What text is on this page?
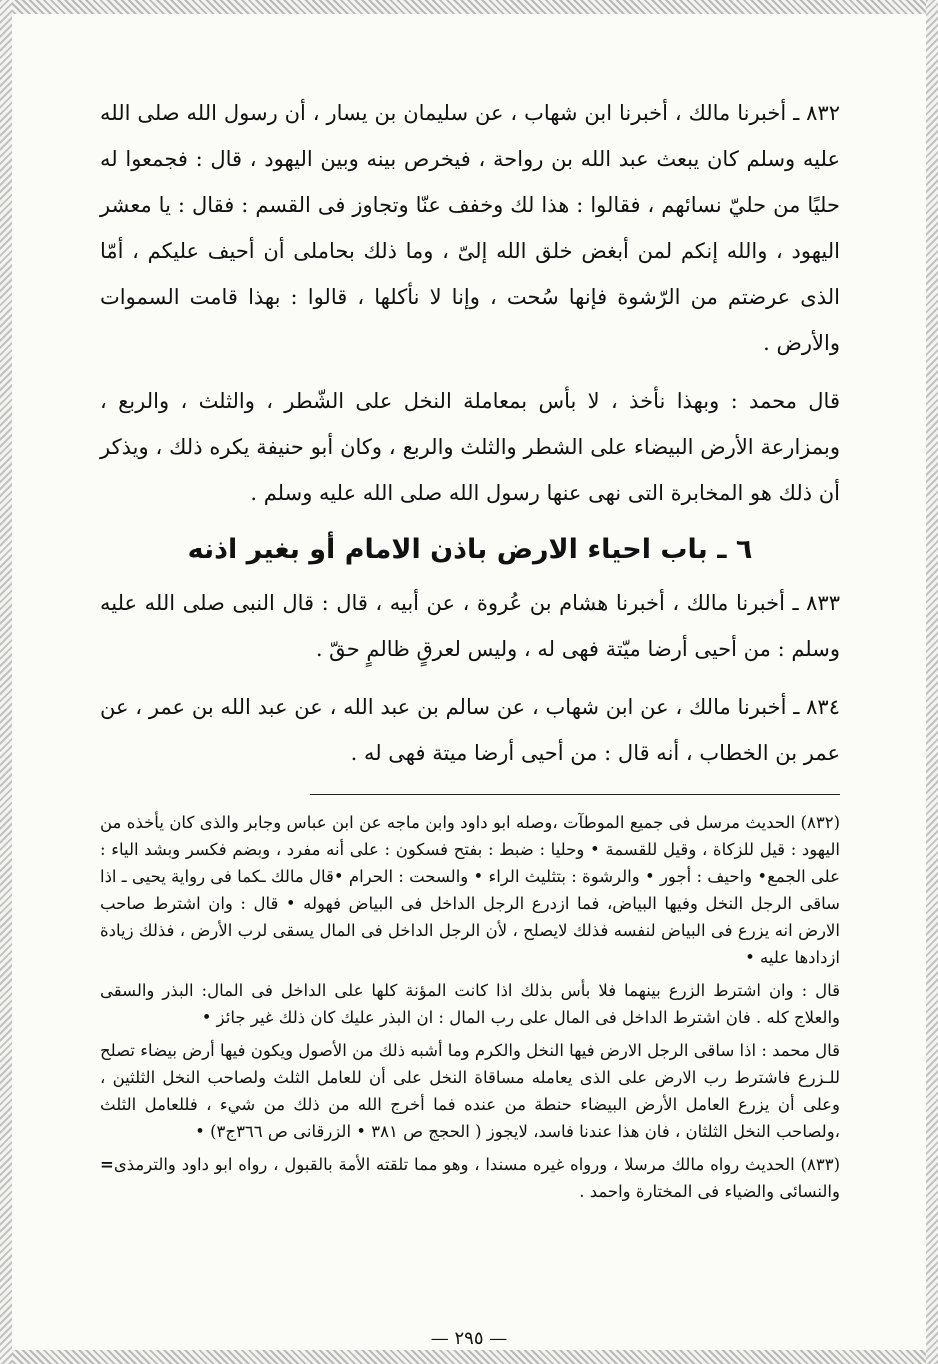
٨٣٢ ـ أخبرنا مالك ، أخبرنا ابن شهاب ، عن سليمان بن يسار ، أن رسول الله صلى الله عليه وسلم كان يبعث عبد الله بن رواحة ، فيخرص بينه وبين اليهود ، قال : فجمعوا له حليًا من حليّ نسائهم ، فقالوا : هذا لك وخفف عنّا وتجاوز فى القسم : فقال : يا معشر اليهود ، والله إنكم لمن أبغض خلق الله إلىّ ، وما ذلك بحاملى أن أحيف عليكم ، أمّا الذى عرضتم من الرّشوة فإنها سُحت ، وإنا لا نأكلها ، قالوا : بهذا قامت السموات والأرض .

قال محمد : وبهذا نأخذ ، لا بأس بمعاملة النخل على الشّطر ، والثلث ، والربع ، وبمزارعة الأرض البيضاء على الشطر والثلث والربع ، وكان أبو حنيفة يكره ذلك ، ويذكر أن ذلك هو المخابرة التى نهى عنها رسول الله صلى الله عليه وسلم .

٦ ـ باب احياء الارض باذن الامام أو بغير اذنه

٨٣٣ ـ أخبرنا مالك ، أخبرنا هشام بن عُروة ، عن أبيه ، قال : قال النبى صلى الله عليه وسلم : من أحيى أرضا ميّتة فهى له ، وليس لعرقٍ ظالمٍ حقّ .

٨٣٤ ـ أخبرنا مالك ، عن ابن شهاب ، عن سالم بن عبد الله ، عن عبد الله بن عمر ، عن عمر بن الخطاب ، أنه قال : من أحيى أرضا ميتة فهى له .

(٨٣٢) الحديث مرسل فى جميع الموطآت ،وصله ابو داود وابن ماجه عن ابن عباس وجابر والذى كان يأخذه من اليهود : قيل للزكاة ، وقيل للقسمة • وحليا : ضبط : بفتح فسكون : على أنه مفرد ، وبضم فكسر وبشد الياء : على الجمع• واحيف : أجور • والرشوة : بتثليث الراء • والسحت : الحرام •قال مالك ـكما فى رواية يحيى ـ اذا ساقى الرجل النخل وفيها البياض، فما ازدرع الرجل الداخل فى البياض فهوله • قال : وان اشترط صاحب الارض انه يزرع فى البياض لنفسه فذلك لايصلح ، لأن الرجل الداخل فى المال يسقى لرب الأرض ، فذلك زيادة ازدادها عليه •

قال : وان اشترط الزرع بينهما فلا بأس بذلك اذا كانت المؤنة كلها على الداخل فى المال: البذر والسقى والعلاج كله . فان اشترط الداخل فى المال على رب المال : ان البذر عليك كان ذلك غير جائز •

قال محمد : اذا ساقى الرجل الارض فيها النخل والكرم وما أشبه ذلك من الأصول ويكون فيها أرض بيضاء تصلح للـزرع فاشترط رب الارض على الذى يعامله مساقاة النخل على أن للعامل الثلث ولصاحب النخل الثلثين ، وعلى أن يزرع العامل الأرض البيضاء حنطة من عنده فما أخرج الله من ذلك من شيء ، فللعامل الثلث ،ولصاحب النخل الثلثان ، فان هذا عندنا فاسد، لايجوز ( الحجج ص ٣٨١ • الزرقانى ص ٣٦٦ج٣) •

= (٨٣٣) الحديث رواه مالك مرسلا ، ورواه غيره مسندا ، وهو مما تلقته الأمة بالقبول ، رواه ابو داود والترمذى والنسائى والضياء فى المختارة واحمد .

— ٢٩٥ —
